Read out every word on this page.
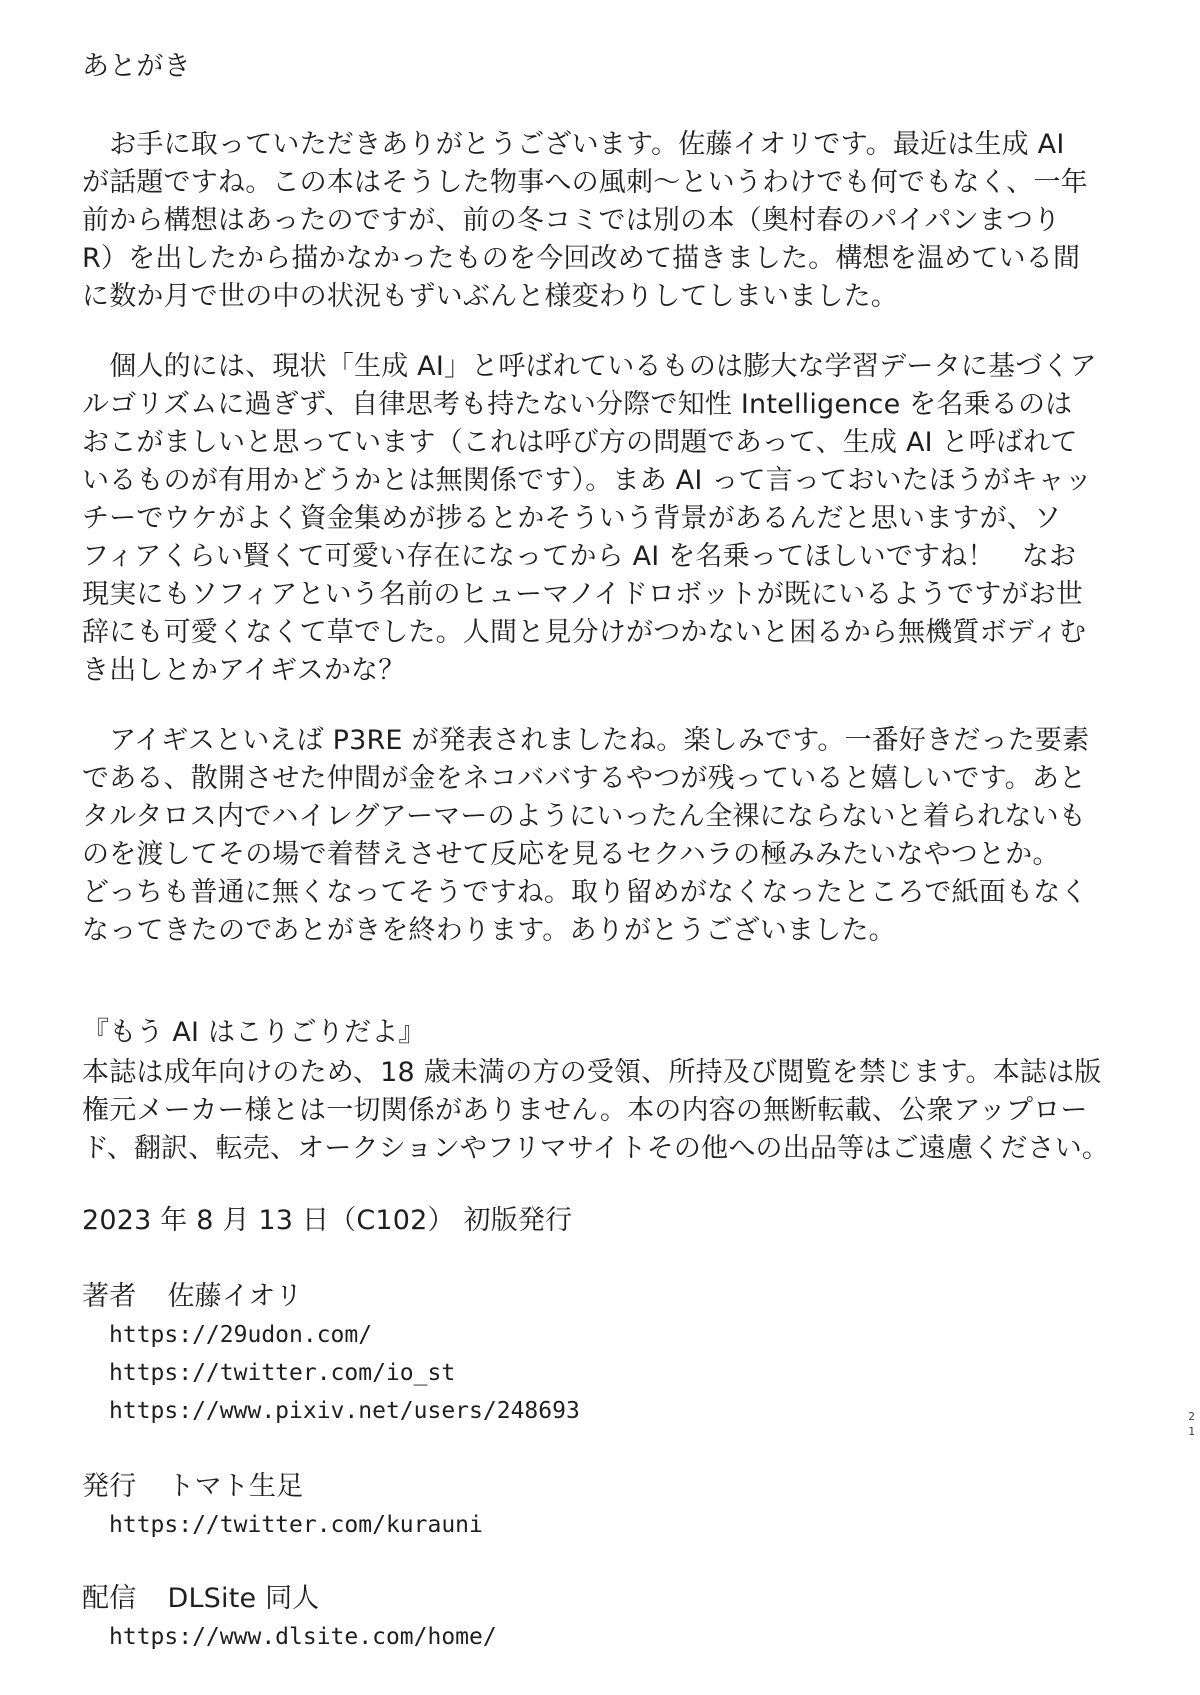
あとがき
　お手に取っていただきありがとうございます。佐藤イオリです。最近は生成 AI
が話題ですね。この本はそうした物事への風刺〜というわけでも何でもなく、一年
前から構想はあったのですが、前の冬コミでは別の本（奥村春のパイパンまつり
R）を出したから描かなかったものを今回改めて描きました。構想を温めている間
に数か月で世の中の状況もずいぶんと様変わりしてしまいました。
　個人的には、現状「生成 AI」と呼ばれているものは膨大な学習データに基づくア
ルゴリズムに過ぎず、自律思考も持たない分際で知性 Intelligence を名乗るのは
おこがましいと思っています（これは呼び方の問題であって、生成 AI と呼ばれて
いるものが有用かどうかとは無関係です）。まあ AI って言っておいたほうがキャッ
チーでウケがよく資金集めが捗るとかそういう背景があるんだと思いますが、ソ
フィアくらい賢くて可愛い存在になってから AI を名乗ってほしいですね！　なお
現実にもソフィアという名前のヒューマノイドロボットが既にいるようですがお世
辞にも可愛くなくて草でした。人間と見分けがつかないと困るから無機質ボディむ
き出しとかアイギスかな？
　アイギスといえば P3RE が発表されましたね。楽しみです。一番好きだった要素
である、散開させた仲間が金をネコババするやつが残っていると嬉しいです。あと
タルタロス内でハイレグアーマーのようにいったん全裸にならないと着られないも
のを渡してその場で着替えさせて反応を見るセクハラの極みみたいなやつとか。
どっちも普通に無くなってそうですね。取り留めがなくなったところで紙面もなく
なってきたのであとがきを終わります。ありがとうございました。
『もう AI はこりごりだよ』
本誌は成年向けのため、18 歳未満の方の受領、所持及び閲覧を禁じます。本誌は版
権元メーカー様とは一切関係がありません。本の内容の無断転載、公衆アップロー
ド、翻訳、転売、オークションやフリマサイトその他への出品等はご遠慮ください。
2023 年 8 月 13 日（C102） 初版発行
著者 佐藤イオリ
https://29udon.com/
https://twitter.com/io_st
https://www.pixiv.net/users/248693
発行 トマト生足
https://twitter.com/kurauni
配信 DLSite 同人
https://www.dlsite.com/home/
21
